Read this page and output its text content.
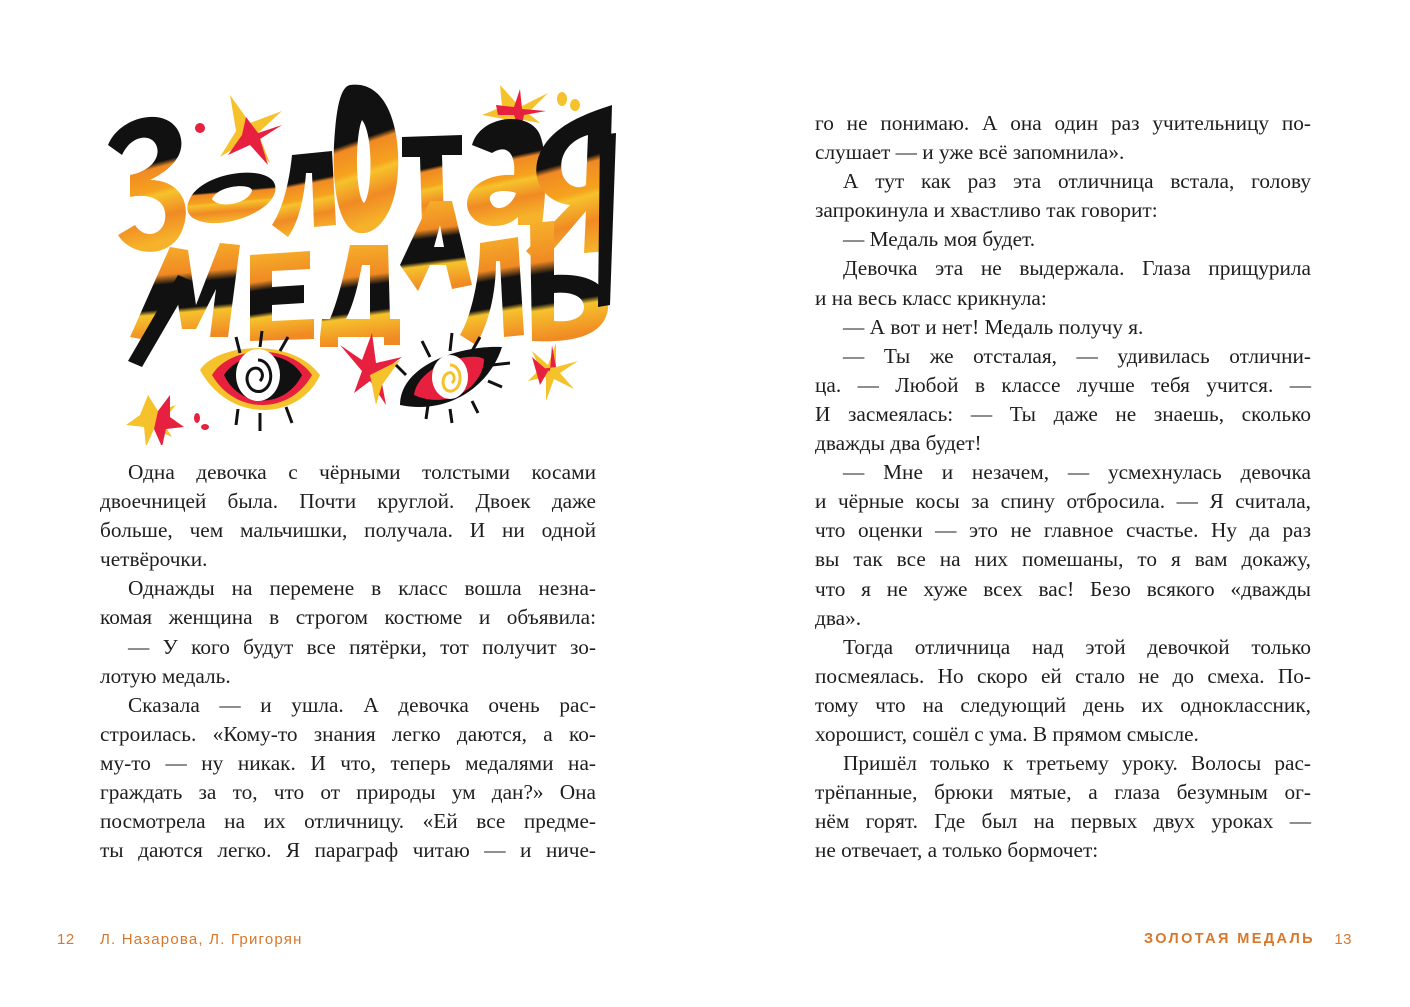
Одна девочка с чёрными толстыми косами
двоечницей была. Почти круглой. Двоек даже
больше, чем мальчишки, получала. И ни одной
четвёрочки.
Однажды на перемене в класс вошла незна-
комая женщина в строгом костюме и объявила:
— У кого будут все пятёрки, тот получит зо-
лотую медаль.
Сказала — и ушла. А девочка очень рас-
строилась. «Кому-то знания легко даются, а ко-
му-то — ну никак. И что, теперь медалями на-
граждать за то, что от природы ум дан?» Она
посмотрела на их отличницу. «Ей все предме-
ты даются легко. Я параграф читаю — и ниче-
12 Л. Назарова, Л. Григорян
го не понимаю. А она один раз учительницу по-
слушает — и уже всё запомнила».
А тут как раз эта отличница встала, голову
запрокинула и хвастливо так говорит:
— Медаль моя будет.
Девочка эта не выдержала. Глаза прищурила
и на весь класс крикнула:
— А вот и нет! Медаль получу я.
— Ты же отсталая, — удивилась отлични-
ца. — Любой в классе лучше тебя учится. —
И засмеялась: — Ты даже не знаешь, сколько
дважды два будет!
— Мне и незачем, — усмехнулась девочка
и чёрные косы за спину отбросила. — Я считала,
что оценки — это не главное счастье. Ну да раз
вы так все на них помешаны, то я вам докажу,
что я не хуже всех вас! Безо всякого «дважды
два».
Тогда отличница над этой девочкой только
посмеялась. Но скоро ей стало не до смеха. По-
тому что на следующий день их одноклассник,
хорошист, сошёл с ума. В прямом смысле.
Пришёл только к третьему уроку. Волосы рас-
трёпанные, брюки мятые, а глаза безумным ог-
нём горят. Где был на первых двух уроках —
не отвечает, а только бормочет:
ЗОЛОТАЯ МЕДАЛЬ 13
